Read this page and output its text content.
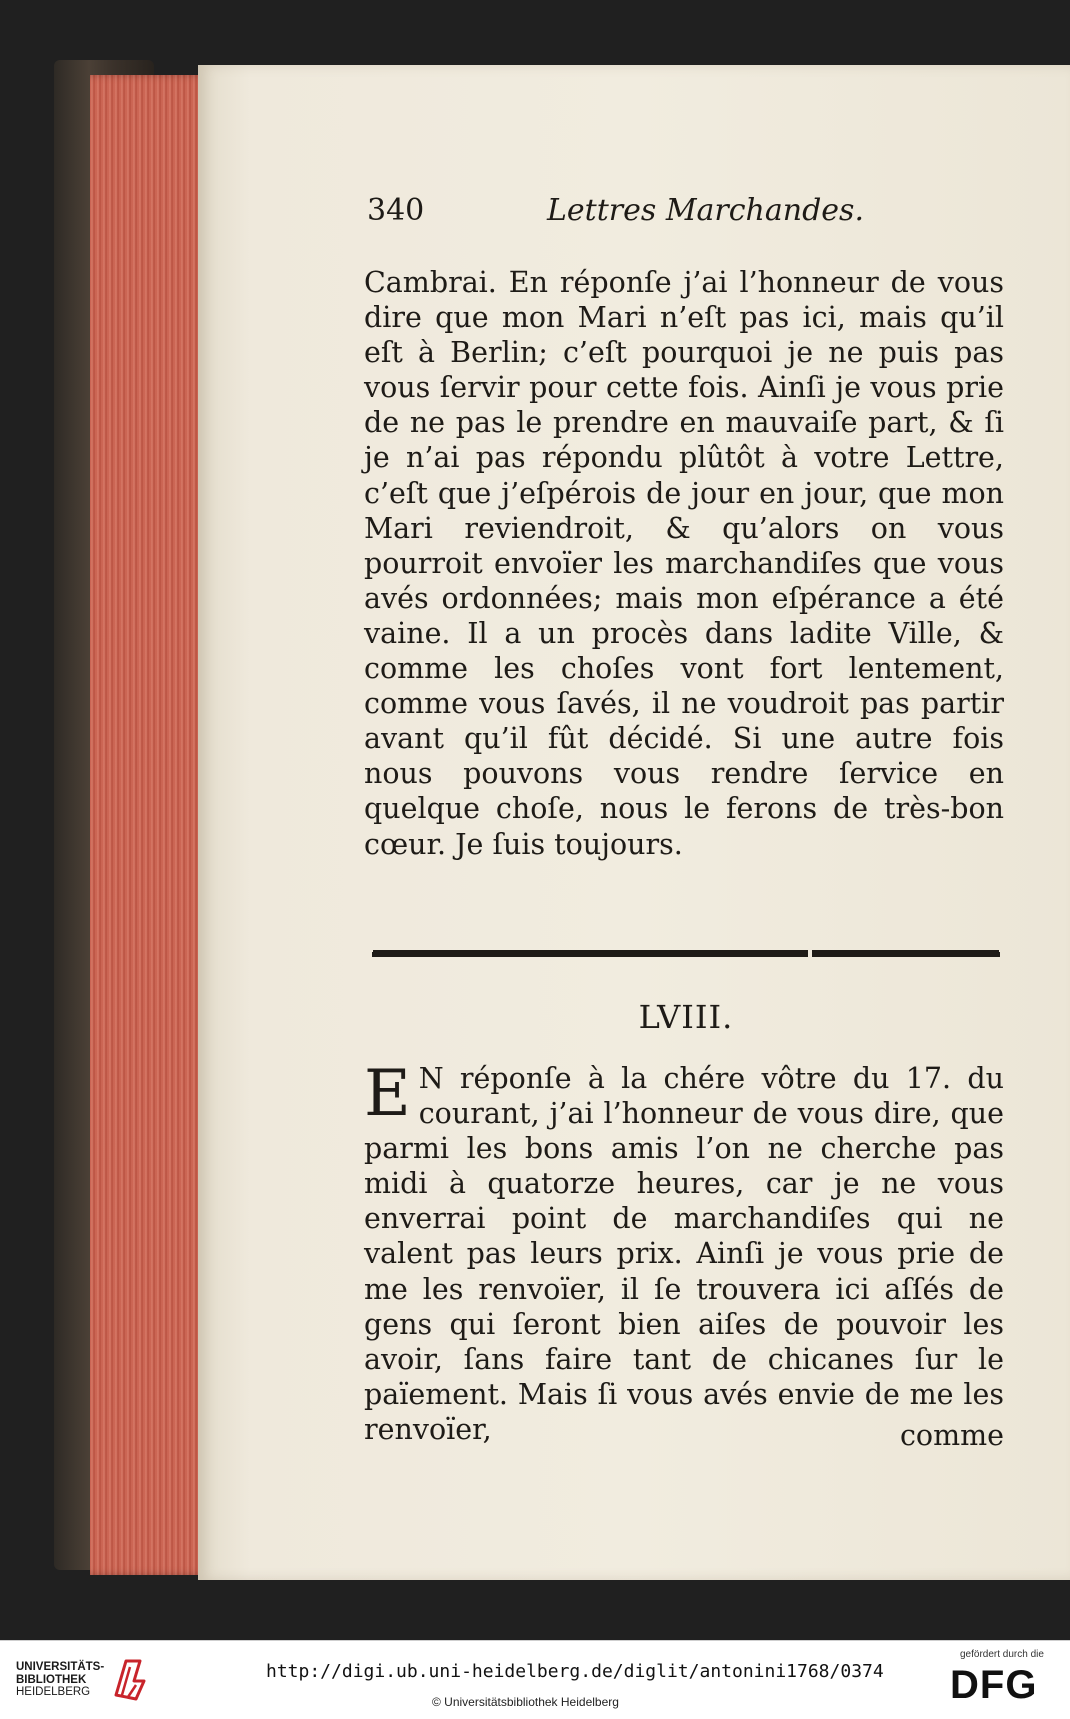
340	Lettres Marchandes.

Cambrai. En réponſe j’ai l’honneur de vous dire que mon Mari n’eſt pas ici, mais qu’il eſt à Berlin; c’eſt pourquoi je ne puis pas vous ſervir pour cette fois. Ainſi je vous prie de ne pas le prendre en mauvaiſe part, & ſi je n’ai pas répondu plûtôt à votre Lettre, c’eſt que j’eſpérois de jour en jour, que mon Mari reviendroit, & qu’alors on vous pourroit envoïer les marchandiſes que vous avés ordonnées; mais mon eſpérance a été vaine. Il a un procès dans ladite Ville, & comme les choſes vont fort lentement, comme vous ſavés, il ne voudroit pas partir avant qu’il fût décidé. Si une autre fois nous pouvons vous rendre ſervice en quelque choſe, nous le ferons de très-bon cœur. Je ſuis toujours.

LVIII.

E N réponſe à la chére vôtre du 17. du courant, j’ai l’honneur de vous dire, que parmi les bons amis l’on ne cherche pas midi à quatorze heures, car je ne vous enverrai point de marchandiſes qui ne valent pas leurs prix. Ainſi je vous prie de me les renvoïer, il ſe trouvera ici aſſés de gens qui ſeront bien aiſes de pouvoir les avoir, ſans faire tant de chicanes ſur le païement. Mais ſi vous avés envie de me les renvoïer,	comme
UNIVERSITÄTS-
BIBLIOTHEK
HEIDELBERG
http://digi.ub.uni-heidelberg.de/diglit/antonini1768/0374
© Universitätsbibliothek Heidelberg
gefördert durch die
DFG
